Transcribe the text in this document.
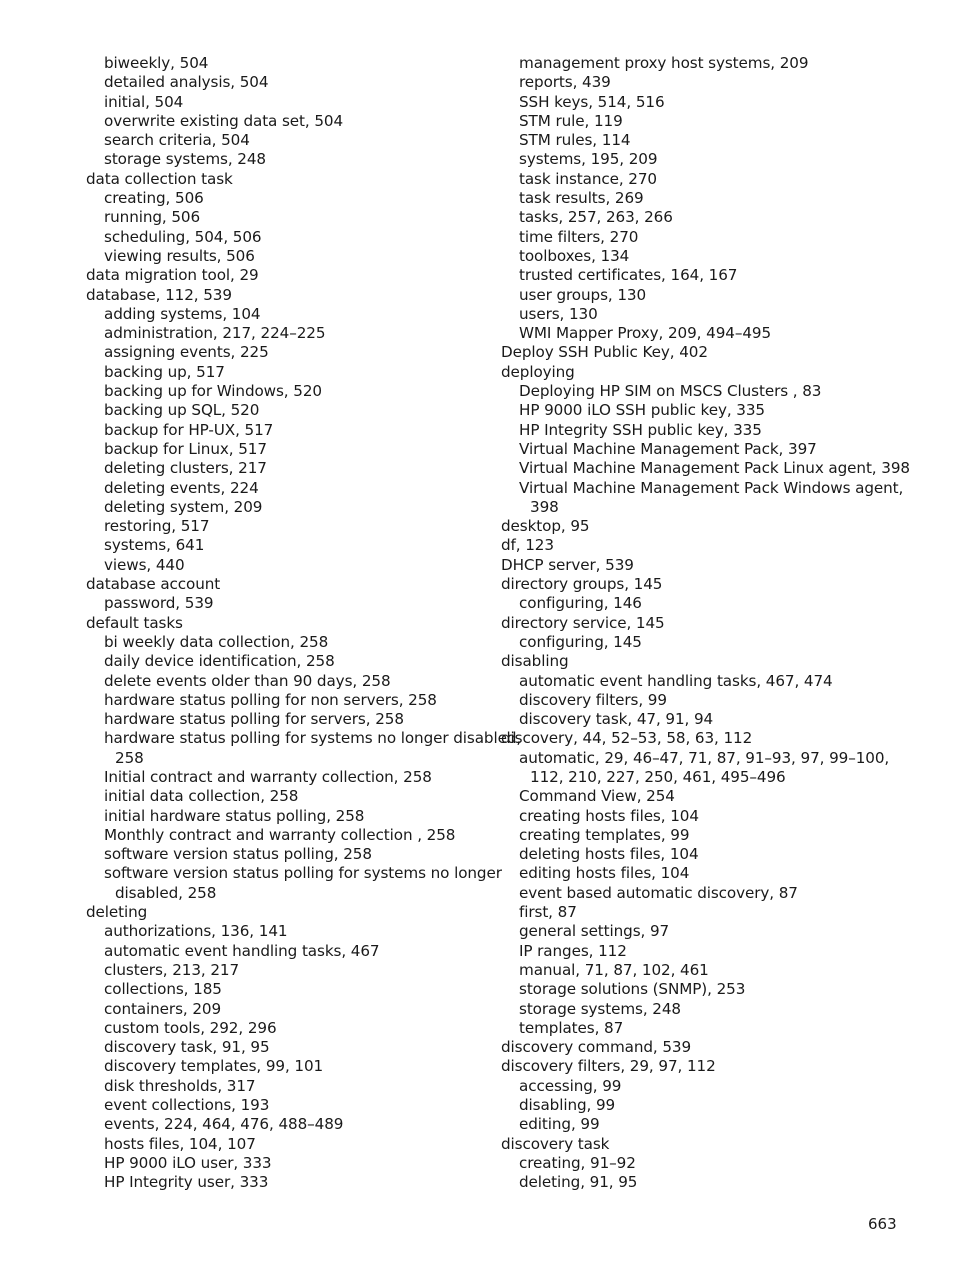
biweekly, 504
detailed analysis, 504
initial, 504
overwrite existing data set, 504
search criteria, 504
storage systems, 248
data collection task
creating, 506
running, 506
scheduling, 504, 506
viewing results, 506
data migration tool, 29
database, 112, 539
adding systems, 104
administration, 217, 224–225
assigning events, 225
backing up, 517
backing up for Windows, 520
backing up SQL, 520
backup for HP-UX, 517
backup for Linux, 517
deleting clusters, 217
deleting events, 224
deleting system, 209
restoring, 517
systems, 641
views, 440
database account
password, 539
default tasks
bi weekly data collection, 258
daily device identification, 258
delete events older than 90 days, 258
hardware status polling for non servers, 258
hardware status polling for servers, 258
hardware status polling for systems no longer disabled,
258
Initial contract and warranty collection, 258
initial data collection, 258
initial hardware status polling, 258
Monthly contract and warranty collection , 258
software version status polling, 258
software version status polling for systems no longer
disabled, 258
deleting
authorizations, 136, 141
automatic event handling tasks, 467
clusters, 213, 217
collections, 185
containers, 209
custom tools, 292, 296
discovery task, 91, 95
discovery templates, 99, 101
disk thresholds, 317
event collections, 193
events, 224, 464, 476, 488–489
hosts files, 104, 107
HP 9000 iLO user, 333
HP Integrity user, 333
management proxy host systems, 209
reports, 439
SSH keys, 514, 516
STM rule, 119
STM rules, 114
systems, 195, 209
task instance, 270
task results, 269
tasks, 257, 263, 266
time filters, 270
toolboxes, 134
trusted certificates, 164, 167
user groups, 130
users, 130
WMI Mapper Proxy, 209, 494–495
Deploy SSH Public Key, 402
deploying
Deploying HP SIM on MSCS Clusters , 83
HP 9000 iLO SSH public key, 335
HP Integrity SSH public key, 335
Virtual Machine Management Pack, 397
Virtual Machine Management Pack Linux agent, 398
Virtual Machine Management Pack Windows agent,
398
desktop, 95
df, 123
DHCP server, 539
directory groups, 145
configuring, 146
directory service, 145
configuring, 145
disabling
automatic event handling tasks, 467, 474
discovery filters, 99
discovery task, 47, 91, 94
discovery, 44, 52–53, 58, 63, 112
automatic, 29, 46–47, 71, 87, 91–93, 97, 99–100,
112, 210, 227, 250, 461, 495–496
Command View, 254
creating hosts files, 104
creating templates, 99
deleting hosts files, 104
editing hosts files, 104
event based automatic discovery, 87
first, 87
general settings, 97
IP ranges, 112
manual, 71, 87, 102, 461
storage solutions (SNMP), 253
storage systems, 248
templates, 87
discovery command, 539
discovery filters, 29, 97, 112
accessing, 99
disabling, 99
editing, 99
discovery task
creating, 91–92
deleting, 91, 95
663
